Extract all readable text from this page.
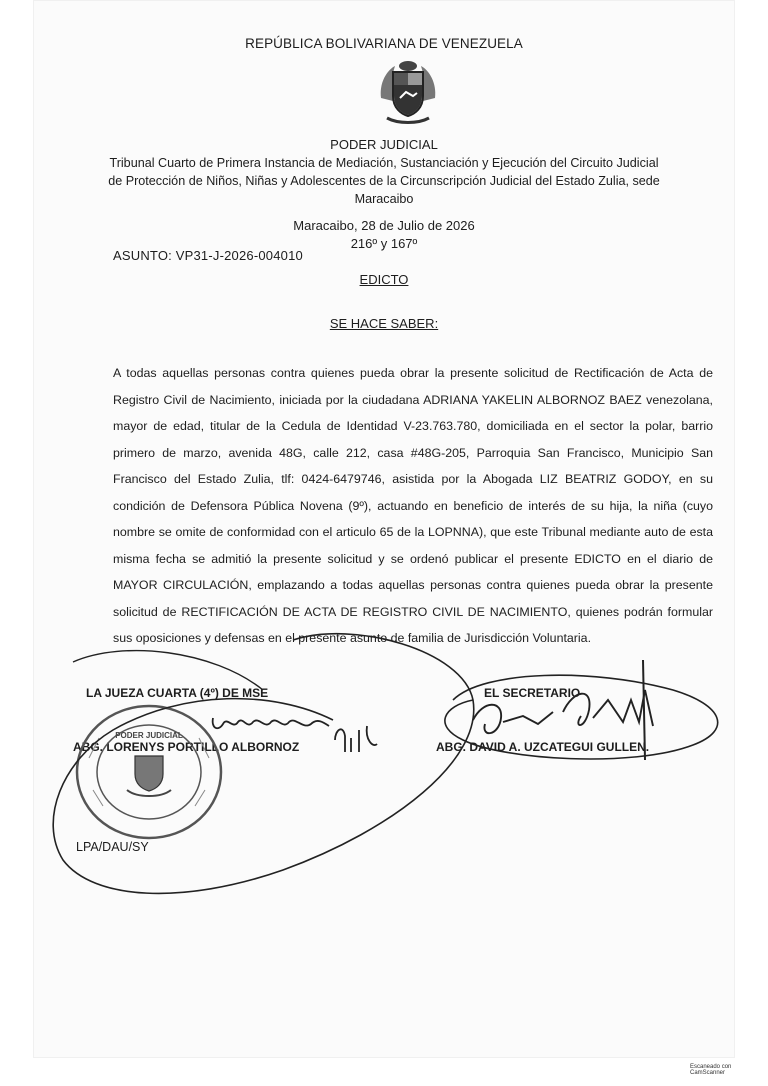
REPÚBLICA BOLIVARIANA DE VENEZUELA
PODER JUDICIAL
Tribunal Cuarto de Primera Instancia de Mediación, Sustanciación y Ejecución del Circuito Judicial de Protección de Niños, Niñas y Adolescentes de la Circunscripción Judicial del Estado Zulia, sede Maracaibo
Maracaibo, 28 de Julio de 2026
216º y 167º
ASUNTO: VP31-J-2026-004010
EDICTO
SE HACE SABER:
A todas aquellas personas contra quienes pueda obrar la presente solicitud de Rectificación de Acta de Registro Civil de Nacimiento, iniciada por la ciudadana ADRIANA YAKELIN ALBORNOZ BAEZ venezolana, mayor de edad, titular de la Cedula de Identidad V-23.763.780, domiciliada en el sector la polar, barrio primero de marzo, avenida 48G, calle 212, casa #48G-205, Parroquia San Francisco, Municipio San Francisco del Estado Zulia, tlf: 0424-6479746, asistida por la Abogada LIZ BEATRIZ GODOY, en su condición de Defensora Pública Novena (9º), actuando en beneficio de interés de su hija, la niña (cuyo nombre se omite de conformidad con el articulo 65 de la LOPNNA), que este Tribunal mediante auto de esta misma fecha se admitió la presente solicitud y se ordenó publicar el presente EDICTO en el diario de MAYOR CIRCULACIÓN, emplazando a todas aquellas personas contra quienes pueda obrar la presente solicitud de RECTIFICACIÓN DE ACTA DE REGISTRO CIVIL DE NACIMIENTO, quienes podrán formular sus oposiciones y defensas en el presente asunto de familia de Jurisdicción Voluntaria.
LA JUEZA CUARTA (4º) DE MSE
ABG. LORENYS PORTILLO ALBORNOZ
EL SECRETARIO
ABG. DAVID A. UZCATEGUI GULLEN.
LPA/DAU/SY
PODER JUDICIAL
Escaneado con CamScanner
